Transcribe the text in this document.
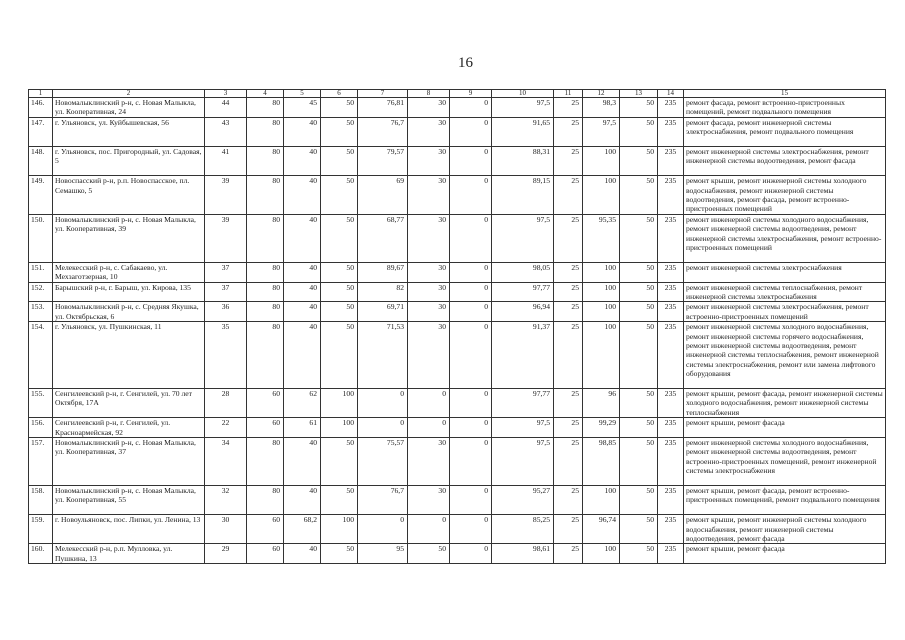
16
1	2	3	4	5	6	7	8	9	10	11	12	13	14	15
146.	Новомалыклинский р-н, с. Новая Малыкла, ул. Кооперативная, 24	44	80	45	50	76,81	30	0	97,5	25	98,3	50	235	ремонт фасада, ремонт встроенно-пристроенных помещений, ремонт подвального помещения
147.	г. Ульяновск, ул. Куйбышевская, 56	43	80	40	50	76,7	30	0	91,65	25	97,5	50	235	ремонт фасада, ремонт инженерной системы электроснабжения, ремонт подвального помещения
148.	г. Ульяновск, пос. Пригородный, ул. Садовая, 5	41	80	40	50	79,57	30	0	88,31	25	100	50	235	ремонт инженерной системы электроснабжения, ремонт инженерной системы водоотведения, ремонт фасада
149.	Новоспасский р-н, р.п. Новоспасское, пл. Семашко, 5	39	80	40	50	69	30	0	89,15	25	100	50	235	ремонт крыши, ремонт инженерной системы холодного водоснабжения, ремонт инженерной системы водоотведения, ремонт фасада, ремонт встроенно-пристроенных помещений
150.	Новомалыклинский р-н, с. Новая Малыкла, ул. Кооперативная, 39	39	80	40	50	68,77	30	0	97,5	25	95,35	50	235	ремонт инженерной системы холодного водоснабжения, ремонт инженерной системы водоотведения, ремонт инженерной системы электроснабжения, ремонт встроенно-пристроенных помещений
151.	Мелекесский р-н, с. Сабакаево, ул. Мехзаготзерная, 10	37	80	40	50	89,67	30	0	98,05	25	100	50	235	ремонт инженерной системы электроснабжения
152.	Барышский р-н, г. Барыш, ул. Кирова, 135	37	80	40	50	82	30	0	97,77	25	100	50	235	ремонт инженерной системы теплоснабжения, ремонт инженерной системы электроснабжения
153.	Новомалыклинский р-н, с. Средняя Якушка, ул. Октябрьская, 6	36	80	40	50	69,71	30	0	96,94	25	100	50	235	ремонт инженерной системы электроснабжения, ремонт встроенно-пристроенных помещений
154.	г. Ульяновск, ул. Пушкинская, 11	35	80	40	50	71,53	30	0	91,37	25	100	50	235	ремонт инженерной системы холодного водоснабжения, ремонт инженерной системы горячего водоснабжения, ремонт инженерной системы водоотведения, ремонт инженерной системы теплоснабжения, ремонт инженерной системы электроснабжения, ремонт или замена лифтового оборудования
155.	Сенгилеевский р-н, г. Сенгилей, ул. 70 лет Октября, 17А	28	60	62	100	0	0	0	97,77	25	96	50	235	ремонт крыши, ремонт фасада, ремонт инженерной системы холодного водоснабжения, ремонт инженерной системы теплоснабжения
156.	Сенгилеевский р-н, г. Сенгилей, ул. Красноармейская, 92	22	60	61	100	0	0	0	97,5	25	99,29	50	235	ремонт крыши, ремонт фасада
157.	Новомалыклинский р-н, с. Новая Малыкла, ул. Кооперативная, 37	34	80	40	50	75,57	30	0	97,5	25	98,85	50	235	ремонт инженерной системы холодного водоснабжения, ремонт инженерной системы водоотведения, ремонт встроенно-пристроенных помещений, ремонт инженерной системы электроснабжения
158.	Новомалыклинский р-н, с. Новая Малыкла, ул. Кооперативная, 55	32	80	40	50	76,7	30	0	95,27	25	100	50	235	ремонт крыши, ремонт фасада, ремонт встроенно-пристроенных помещений, ремонт подвального помещения
159.	г. Новоульяновск, пос. Липки, ул. Ленина, 13	30	60	68,2	100	0	0	0	85,25	25	96,74	50	235	ремонт крыши, ремонт инженерной системы холодного водоснабжения, ремонт инженерной системы водоотведения, ремонт фасада
160.	Мелекесский р-н, р.п. Мулловка, ул. Пушкина, 13	29	60	40	50	95	50	0	98,61	25	100	50	235	ремонт крыши, ремонт фасада
